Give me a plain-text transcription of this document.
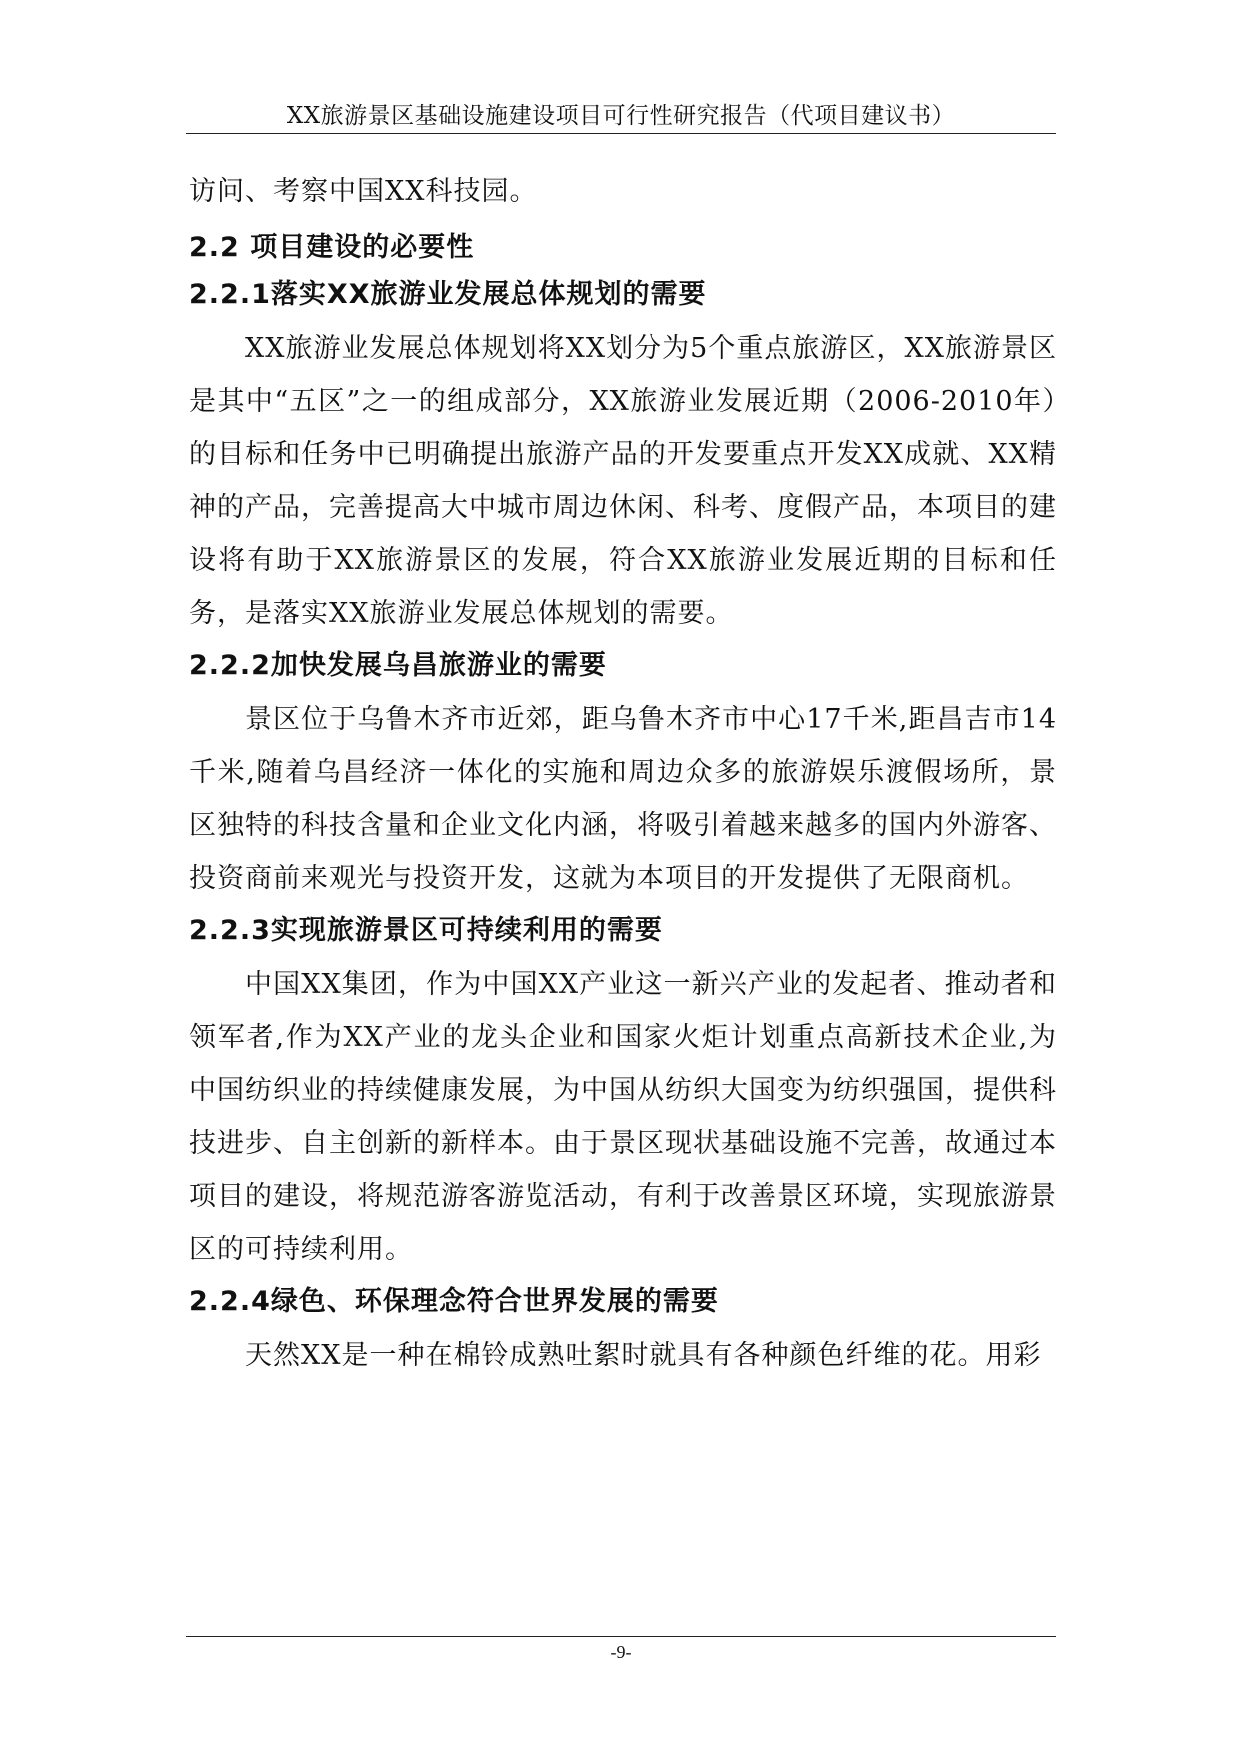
XX旅游景区基础设施建设项目可行性研究报告（代项目建议书）

访问、考察中国XX科技园。

2.2 项目建设的必要性
2.2.1落实XX旅游业发展总体规划的需要

XX旅游业发展总体规划将XX划分为5个重点旅游区，XX旅游景区是其中“五区”之一的组成部分，XX旅游业发展近期（2006-2010年）的目标和任务中已明确提出旅游产品的开发要重点开发XX成就、XX精神的产品，完善提高大中城市周边休闲、科考、度假产品，本项目的建设将有助于XX旅游景区的发展，符合XX旅游业发展近期的目标和任务，是落实XX旅游业发展总体规划的需要。

2.2.2加快发展乌昌旅游业的需要

景区位于乌鲁木齐市近郊，距乌鲁木齐市中心17千米,距昌吉市14千米,随着乌昌经济一体化的实施和周边众多的旅游娱乐渡假场所，景区独特的科技含量和企业文化内涵，将吸引着越来越多的国内外游客、投资商前来观光与投资开发，这就为本项目的开发提供了无限商机。

2.2.3实现旅游景区可持续利用的需要

中国XX集团，作为中国XX产业这一新兴产业的发起者、推动者和领军者,作为XX产业的龙头企业和国家火炬计划重点高新技术企业,为中国纺织业的持续健康发展，为中国从纺织大国变为纺织强国，提供科技进步、自主创新的新样本。由于景区现状基础设施不完善，故通过本项目的建设，将规范游客游览活动，有利于改善景区环境，实现旅游景区的可持续利用。

2.2.4绿色、环保理念符合世界发展的需要

天然XX是一种在棉铃成熟吐絮时就具有各种颜色纤维的花。用彩

-9-
